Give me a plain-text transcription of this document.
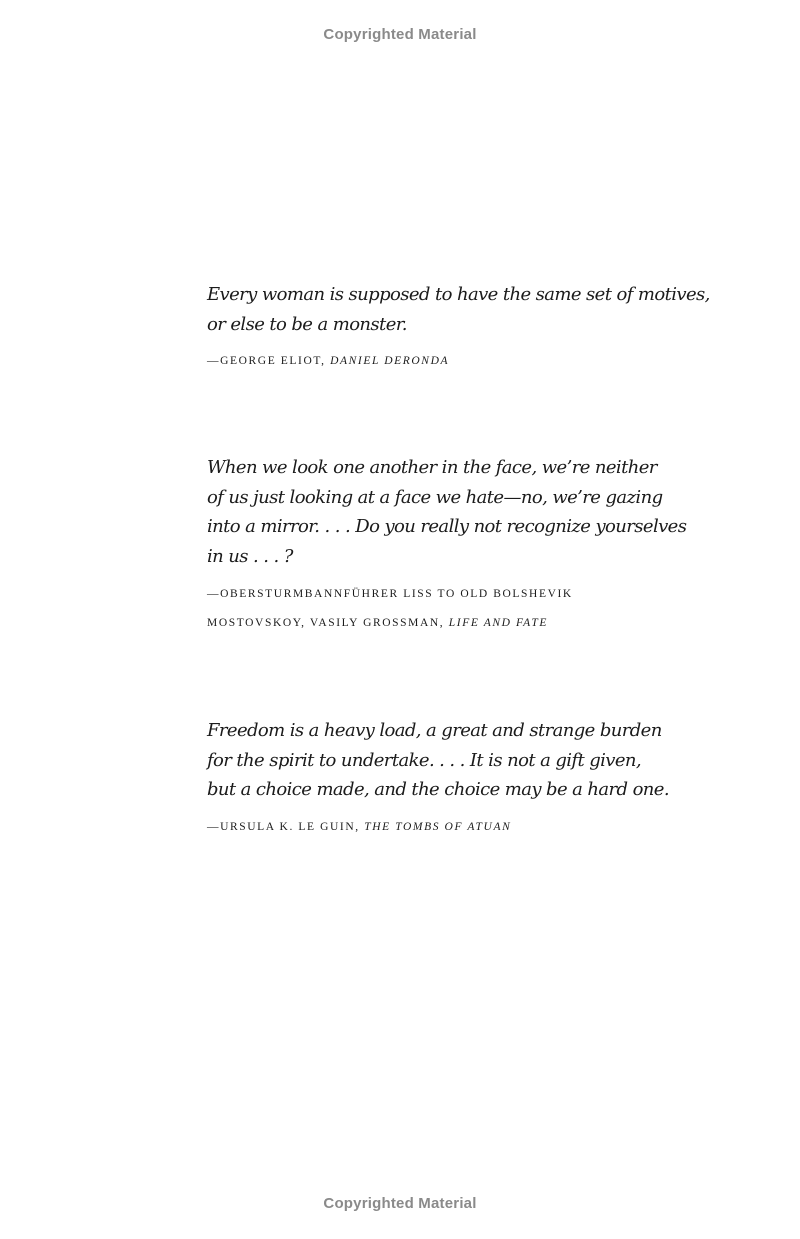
Copyrighted Material

Every woman is supposed to have the same set of motives,
or else to be a monster.

—GEORGE ELIOT, DANIEL DERONDA

When we look one another in the face, we’re neither
of us just looking at a face we hate—no, we’re gazing
into a mirror. . . . Do you really not recognize yourselves
in us . . . ?

—OBERSTURMBANNFÜHRER LISS TO OLD BOLSHEVIK
MOSTOVSKOY, VASILY GROSSMAN, LIFE AND FATE

Freedom is a heavy load, a great and strange burden
for the spirit to undertake. . . . It is not a gift given,
but a choice made, and the choice may be a hard one.

—URSULA K. LE GUIN, THE TOMBS OF ATUAN

Copyrighted Material
